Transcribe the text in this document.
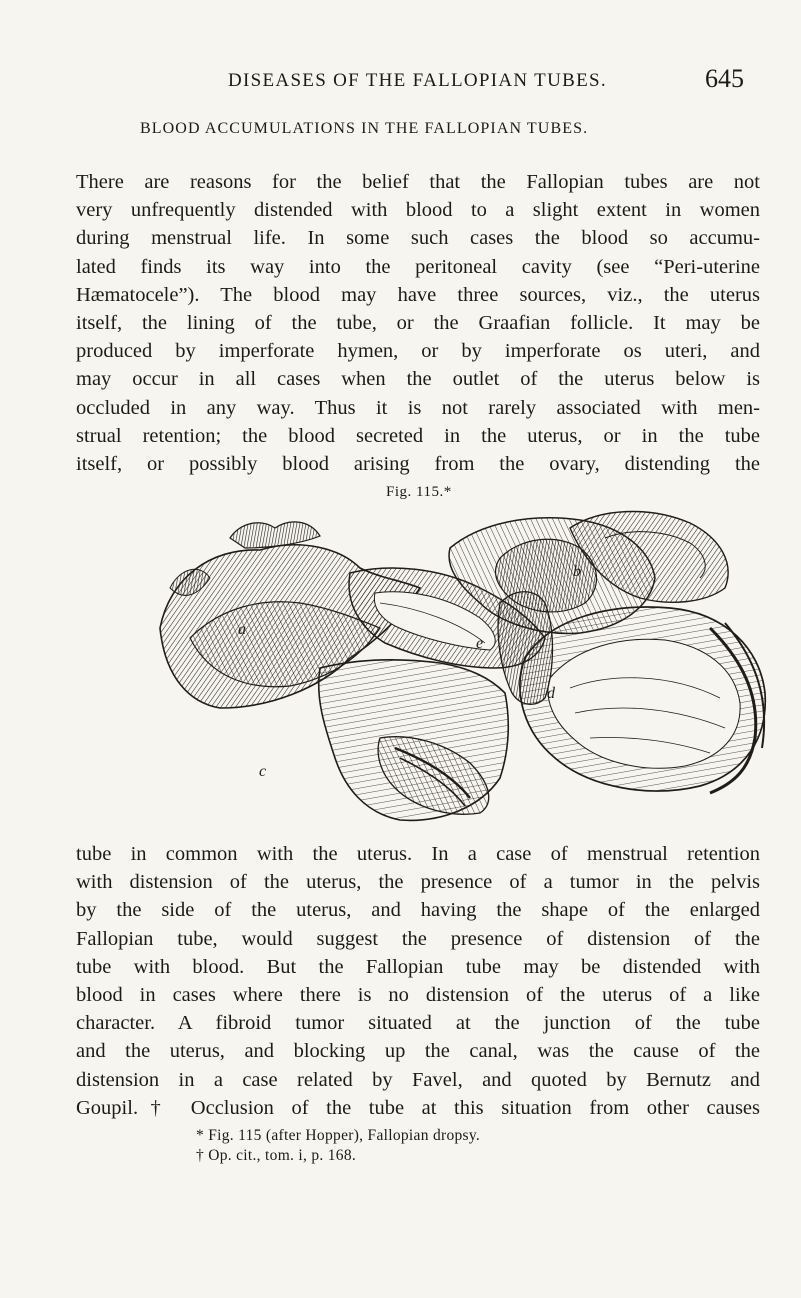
DISEASES OF THE FALLOPIAN TUBES.	645
BLOOD ACCUMULATIONS IN THE FALLOPIAN TUBES.
There are reasons for the belief that the Fallopian tubes are not
very unfrequently distended with blood to a slight extent in women
during menstrual life. In some such cases the blood so accumu-
lated finds its way into the peritoneal cavity (see “Peri-uterine
Hæmatocele”). The blood may have three sources, viz., the uterus
itself, the lining of the tube, or the Graafian follicle. It may be
produced by imperforate hymen, or by imperforate os uteri, and
may occur in all cases when the outlet of the uterus below is
occluded in any way. Thus it is not rarely associated with men-
strual retention; the blood secreted in the uterus, or in the tube
itself, or possibly blood arising from the ovary, distending the
Fig. 115.*
a
b
c
d
e
tube in common with the uterus. In a case of menstrual retention
with distension of the uterus, the presence of a tumor in the pelvis
by the side of the uterus, and having the shape of the enlarged
Fallopian tube, would suggest the presence of distension of the
tube with blood. But the Fallopian tube may be distended with
blood in cases where there is no distension of the uterus of a like
character. A fibroid tumor situated at the junction of the tube
and the uterus, and blocking up the canal, was the cause of the
distension in a case related by Favel, and quoted by Bernutz and
Goupil.† Occlusion of the tube at this situation from other causes
* Fig. 115 (after Hopper), Fallopian dropsy.
† Op. cit., tom. i, p. 168.
